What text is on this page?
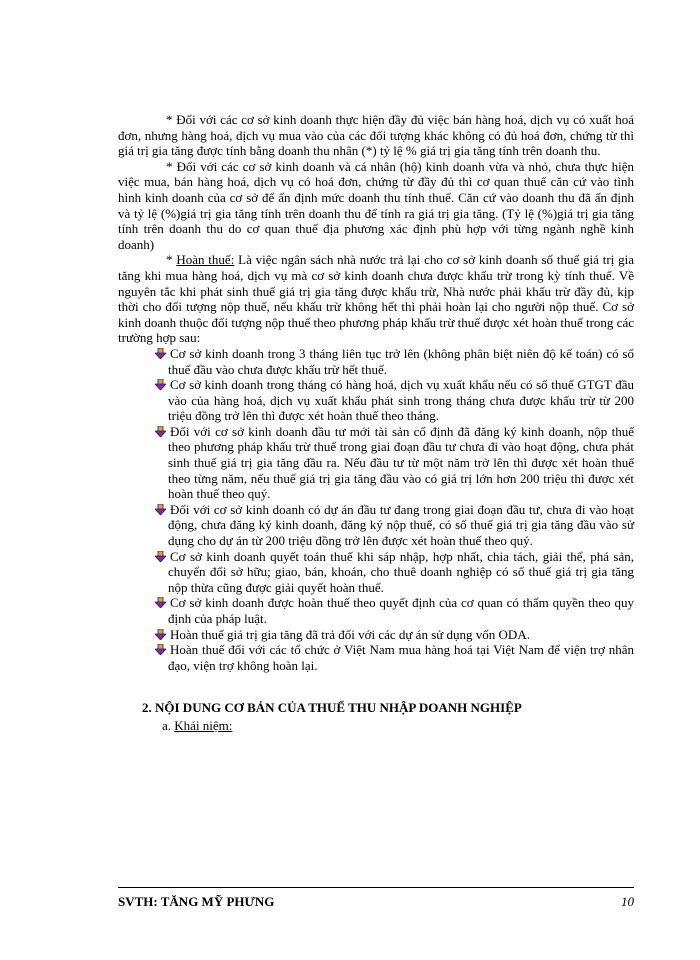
* Đối với các cơ sở kinh doanh thực hiện đầy đủ việc bán hàng hoá, dịch vụ có xuất hoá đơn, nhưng hàng hoá, dịch vụ mua vào của các đối tượng khác không có đủ hoá đơn, chứng từ thì giá trị gia tăng được tính bằng doanh thu nhân (*) tỷ lệ % giá trị gia tăng tính trên doanh thu.

* Đối với các cơ sở kinh doanh và cá nhân (hộ) kinh doanh vừa và nhỏ, chưa thực hiện việc mua, bán hàng hoá, dịch vụ có hoá đơn, chứng từ đầy đủ thì cơ quan thuế căn cứ vào tình hình kinh doanh của cơ sở để ấn định mức doanh thu tính thuế. Căn cứ vào doanh thu đã ấn định và tỷ lệ (%)giá trị gia tăng tính trên doanh thu để tính ra giá trị gia tăng. (Tỷ lệ (%)giá trị gia tăng tính trên doanh thu do cơ quan thuế địa phương xác định phù hợp với từng ngành nghề kinh doanh)

* Hoàn thuế: Là việc ngân sách nhà nước trả lại cho cơ sở kinh doanh số thuế giá trị gia tăng khi mua hàng hoá, dịch vụ mà cơ sở kinh doanh chưa được khấu trừ trong kỳ tính thuế. Về nguyên tắc khi phát sinh thuế giá trị gia tăng được khấu trừ, Nhà nước phải khấu trừ đầy đủ, kịp thời cho đối tượng nộp thuế, nếu khấu trừ không hết thì phải hoàn lại cho người nộp thuế. Cơ sở kinh doanh thuộc đối tượng nộp thuế theo phương pháp khấu trừ thuế được xét hoàn thuế trong các trường hợp sau:

Cơ sở kinh doanh trong 3 tháng liên tục trở lên (không phân biệt niên độ kế toán) có số thuế đầu vào chưa được khấu trừ hết thuế.

Cơ sở kinh doanh trong tháng có hàng hoá, dịch vụ xuất khẩu nếu có số thuế GTGT đầu vào của hàng hoá, dịch vụ xuất khẩu phát sinh trong tháng chưa được khấu trừ từ 200 triệu đồng trở lên thì được xét hoàn thuế theo tháng.

Đối với cơ sở kinh doanh đầu tư mới tài sản cố định đã đăng ký kinh doanh, nộp thuế theo phương pháp khấu trừ thuế trong giai đoạn đầu tư chưa đi vào hoạt động, chưa phát sinh thuế giá trị gia tăng đầu ra. Nếu đầu tư từ một năm trở lên thì được xét hoàn thuế theo từng năm, nếu thuế giá trị gia tăng đầu vào có giá trị lớn hơn 200 triệu thì được xét hoàn thuế theo quý.

Đối với cơ sở kinh doanh có dự án đầu tư đang trong giai đoạn đầu tư, chưa đi vào hoạt động, chưa đăng ký kinh doanh, đăng ký nộp thuế, có số thuế giá trị gia tăng đầu vào sử dụng cho dự án từ 200 triệu đồng trở lên được xét hoàn thuế theo quý.

Cơ sở kinh doanh quyết toán thuế khi sáp nhập, hợp nhất, chia tách, giải thể, phá sản, chuyển đổi sở hữu; giao, bán, khoán, cho thuê doanh nghiệp có số thuế giá trị gia tăng nộp thừa cũng được giải quyết hoàn thuế.

Cơ sở kinh doanh được hoàn thuế theo quyết định của cơ quan có thẩm quyền theo quy định của pháp luật.

Hoàn thuế giá trị gia tăng đã trả đối với các dự án sử dụng vốn ODA.

Hoàn thuế đối với các tổ chức ở Việt Nam mua hàng hoá tại Việt Nam để viện trợ nhân đạo, viện trợ không hoàn lại.

2. NỘI DUNG CƠ BẢN CỦA THUẾ THU NHẬP DOANH NGHIỆP
a. Khái niệm:
SVTH: TĂNG MỸ PHƯNG	10
